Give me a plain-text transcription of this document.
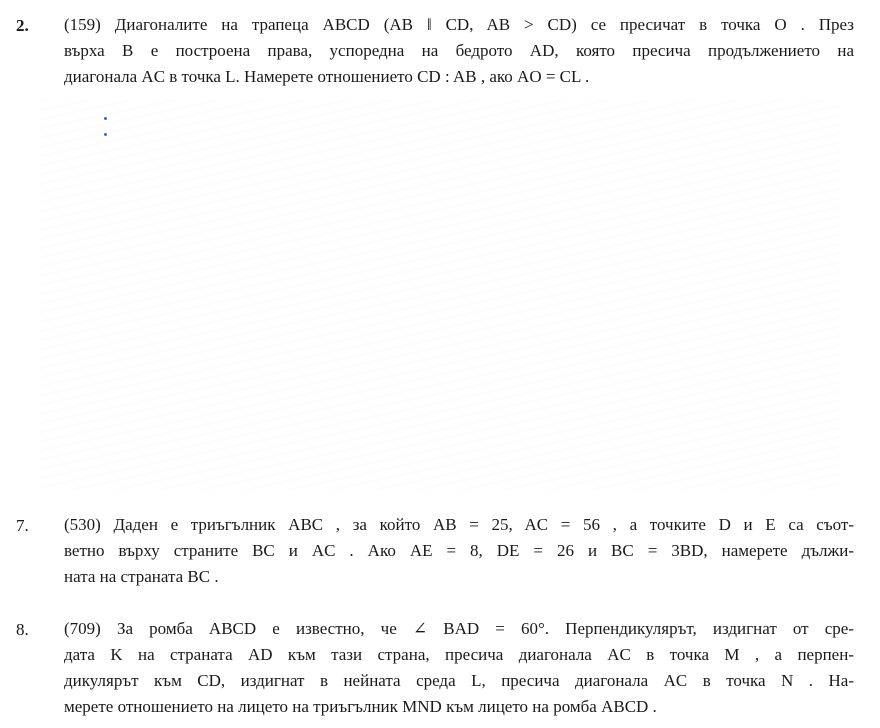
2. (159) Диагоналите на трапеца ABCD (AB ‖ CD, AB > CD) се пресичат в точка O . През
върха B е построена права, успоредна на бедрото AD, която пресича продължението на
диагонала AC в точка L. Намерете отношението CD : AB , ако AO = CL .
7. (530) Даден е триъгълник ABC , за който AB = 25, AC = 56 , а точките D и E са съот-
ветно върху страните BC и AC . Ако AE = 8, DE = 26 и BC = 3BD, намерете дължи-
ната на страната BC .
8. (709) За ромба ABCD е известно, че ∠ BAD = 60°. Перпендикулярът, издигнат от сре-
дата K на страната AD към тази страна, пресича диагонала AC в точка M , а перпен-
дикулярът към CD, издигнат в нейната среда L, пресича диагонала AC в точка N . На-
мерете отношението на лицето на триъгълник MND към лицето на ромба ABCD .
